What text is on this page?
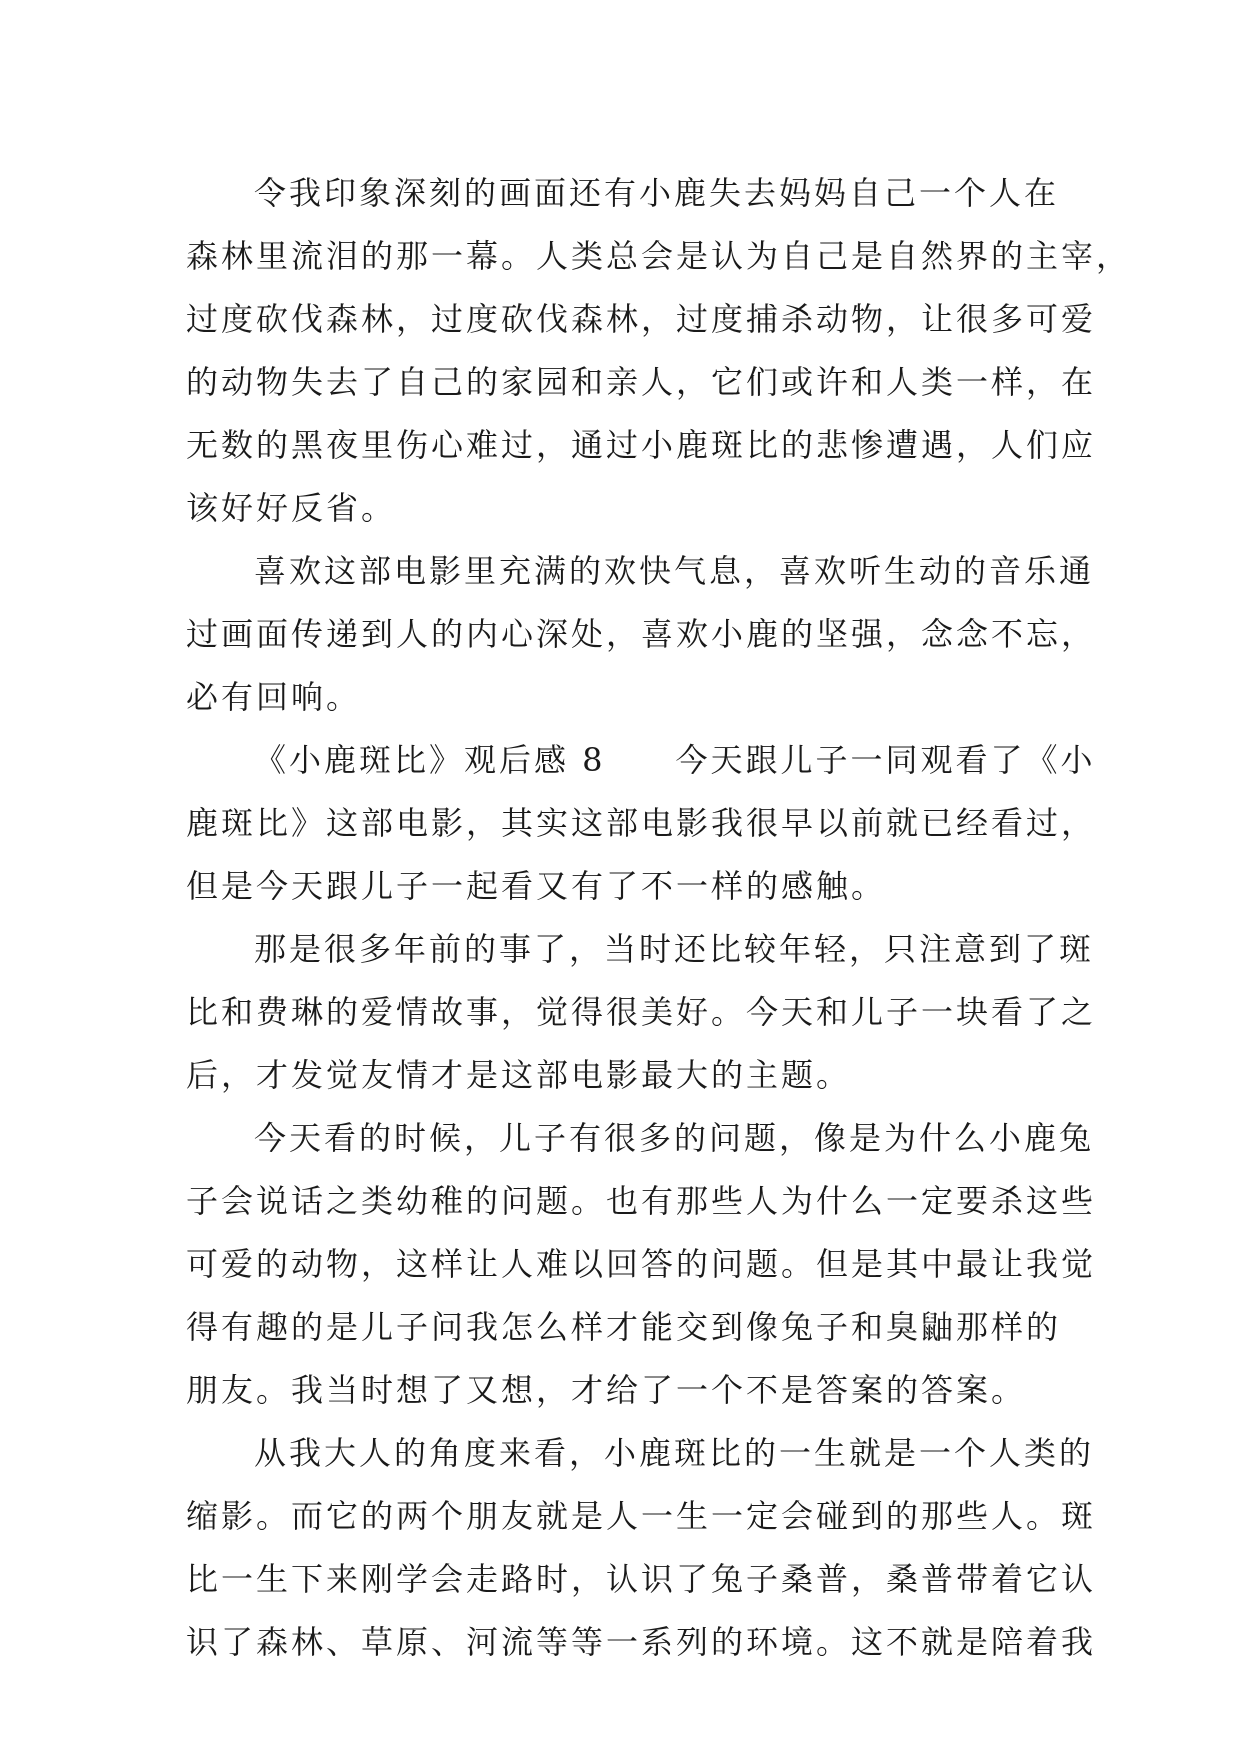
令我印象深刻的画面还有小鹿失去妈妈自己一个人在
森林里流泪的那一幕。人类总会是认为自己是自然界的主宰，
过度砍伐森林，过度砍伐森林，过度捕杀动物，让很多可爱
的动物失去了自己的家园和亲人，它们或许和人类一样，在
无数的黑夜里伤心难过，通过小鹿斑比的悲惨遭遇，人们应
该好好反省。
喜欢这部电影里充满的欢快气息，喜欢听生动的音乐通
过画面传递到人的内心深处，喜欢小鹿的坚强，念念不忘，
必有回响。
《小鹿斑比》观后感 8　　今天跟儿子一同观看了《小
鹿斑比》这部电影，其实这部电影我很早以前就已经看过，
但是今天跟儿子一起看又有了不一样的感触。
那是很多年前的事了，当时还比较年轻，只注意到了斑
比和费琳的爱情故事，觉得很美好。今天和儿子一块看了之
后，才发觉友情才是这部电影最大的主题。
今天看的时候，儿子有很多的问题，像是为什么小鹿兔
子会说话之类幼稚的问题。也有那些人为什么一定要杀这些
可爱的动物，这样让人难以回答的问题。但是其中最让我觉
得有趣的是儿子问我怎么样才能交到像兔子和臭鼬那样的
朋友。我当时想了又想，才给了一个不是答案的答案。
从我大人的角度来看，小鹿斑比的一生就是一个人类的
缩影。而它的两个朋友就是人一生一定会碰到的那些人。斑
比一生下来刚学会走路时，认识了兔子桑普，桑普带着它认
识了森林、草原、河流等等一系列的环境。这不就是陪着我
